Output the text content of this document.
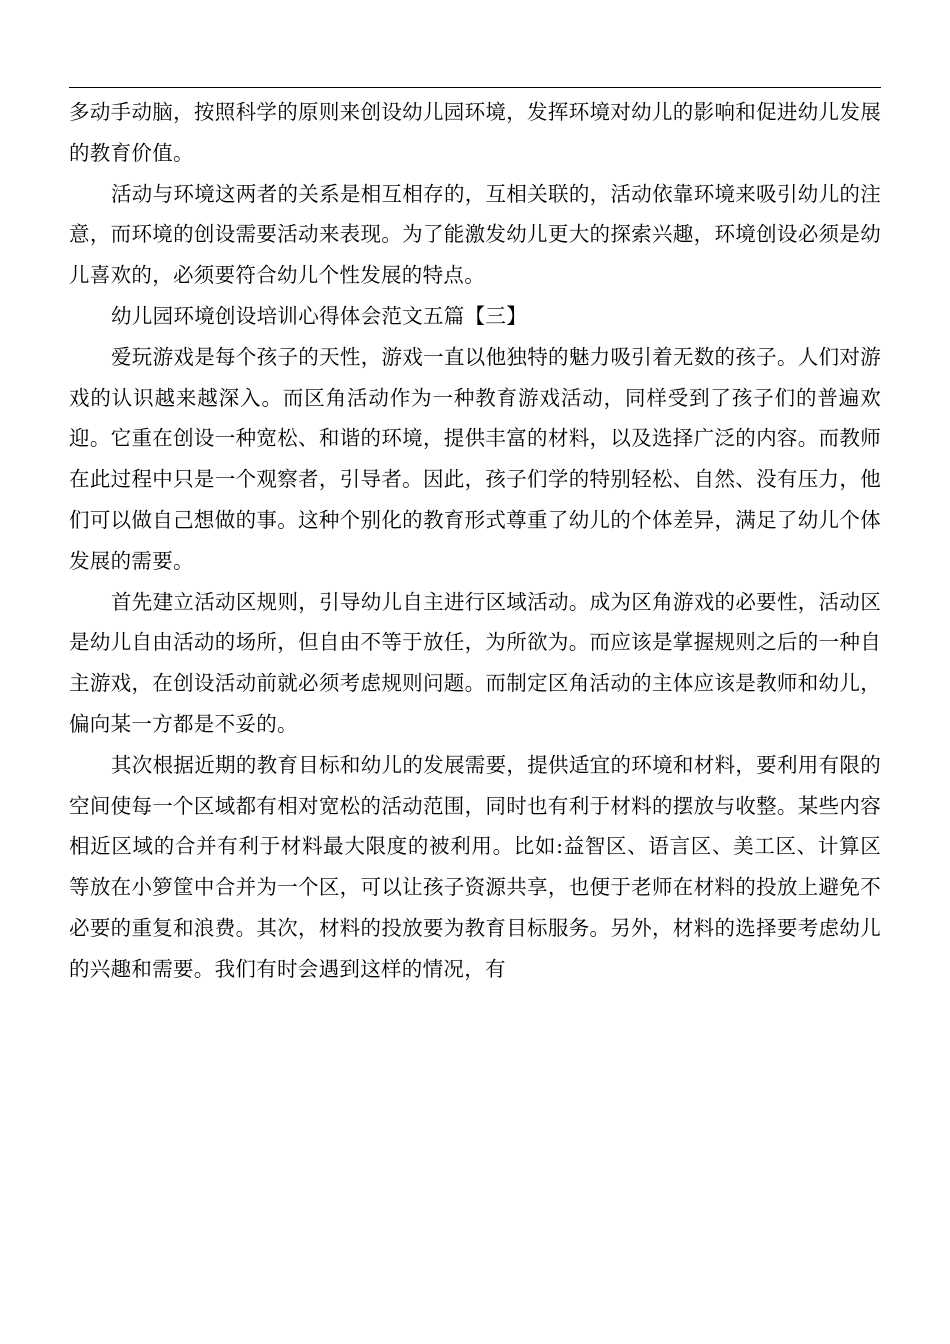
多动手动脑，按照科学的原则来创设幼儿园环境，发挥环境对幼儿的影响和促进幼儿发展的教育价值。

活动与环境这两者的关系是相互相存的，互相关联的，活动依靠环境来吸引幼儿的注意，而环境的创设需要活动来表现。为了能激发幼儿更大的探索兴趣，环境创设必须是幼儿喜欢的，必须要符合幼儿个性发展的特点。

幼儿园环境创设培训心得体会范文五篇【三】

爱玩游戏是每个孩子的天性，游戏一直以他独特的魅力吸引着无数的孩子。人们对游戏的认识越来越深入。而区角活动作为一种教育游戏活动，同样受到了孩子们的普遍欢迎。它重在创设一种宽松、和谐的环境，提供丰富的材料，以及选择广泛的内容。而教师在此过程中只是一个观察者，引导者。因此，孩子们学的特别轻松、自然、没有压力，他们可以做自己想做的事。这种个别化的教育形式尊重了幼儿的个体差异，满足了幼儿个体发展的需要。

首先建立活动区规则，引导幼儿自主进行区域活动。成为区角游戏的必要性，活动区是幼儿自由活动的场所，但自由不等于放任，为所欲为。而应该是掌握规则之后的一种自主游戏，在创设活动前就必须考虑规则问题。而制定区角活动的主体应该是教师和幼儿，偏向某一方都是不妥的。

其次根据近期的教育目标和幼儿的发展需要，提供适宜的环境和材料，要利用有限的空间使每一个区域都有相对宽松的活动范围，同时也有利于材料的摆放与收整。某些内容相近区域的合并有利于材料最大限度的被利用。比如:益智区、语言区、美工区、计算区等放在小箩筐中合并为一个区，可以让孩子资源共享，也便于老师在材料的投放上避免不必要的重复和浪费。其次，材料的投放要为教育目标服务。另外，材料的选择要考虑幼儿的兴趣和需要。我们有时会遇到这样的情况，有
